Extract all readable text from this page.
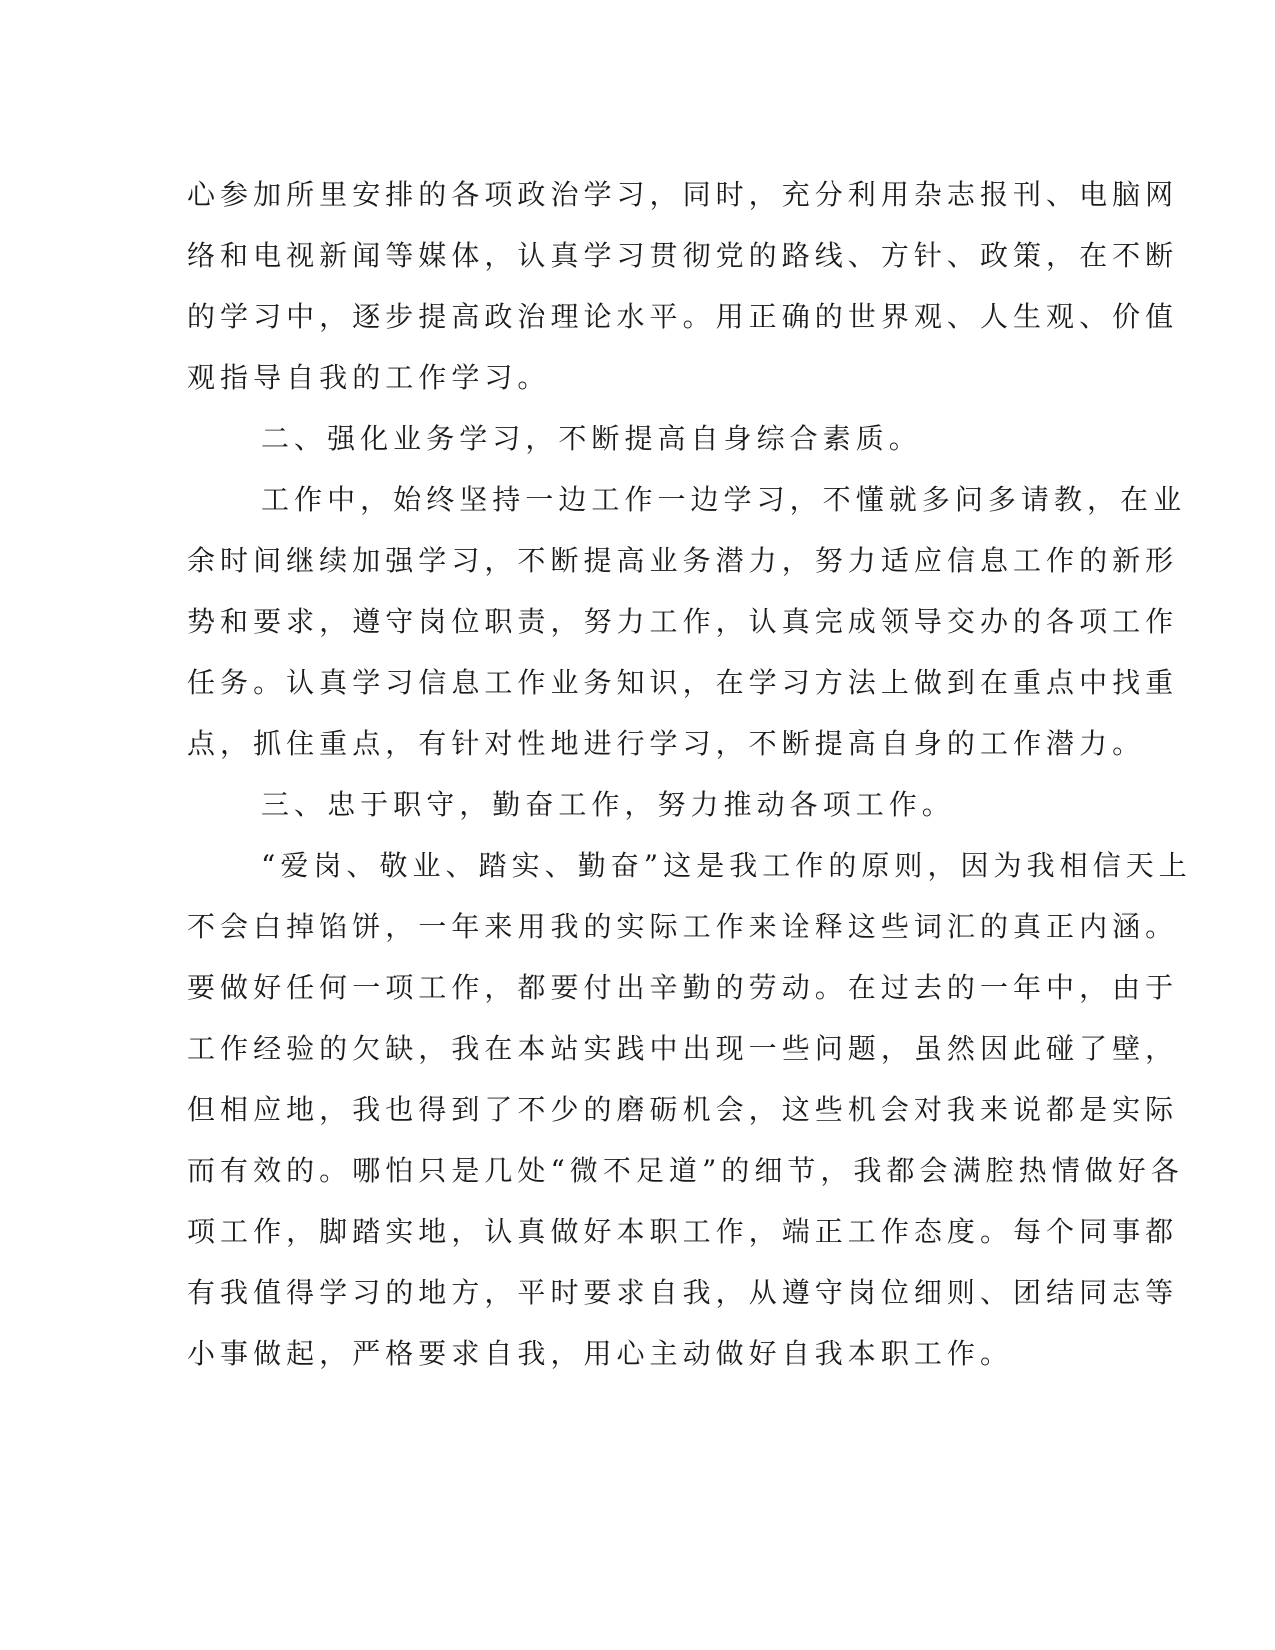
心参加所里安排的各项政治学习，同时，充分利用杂志报刊、电脑网
络和电视新闻等媒体，认真学习贯彻党的路线、方针、政策，在不断
的学习中，逐步提高政治理论水平。用正确的世界观、人生观、价值
观指导自我的工作学习。
二、强化业务学习，不断提高自身综合素质。
工作中，始终坚持一边工作一边学习，不懂就多问多请教，在业
余时间继续加强学习，不断提高业务潜力，努力适应信息工作的新形
势和要求，遵守岗位职责，努力工作，认真完成领导交办的各项工作
任务。认真学习信息工作业务知识，在学习方法上做到在重点中找重
点，抓住重点，有针对性地进行学习，不断提高自身的工作潜力。
三、忠于职守，勤奋工作，努力推动各项工作。
“爱岗、敬业、踏实、勤奋”这是我工作的原则，因为我相信天上
不会白掉馅饼，一年来用我的实际工作来诠释这些词汇的真正内涵。
要做好任何一项工作，都要付出辛勤的劳动。在过去的一年中，由于
工作经验的欠缺，我在本站实践中出现一些问题，虽然因此碰了壁，
但相应地，我也得到了不少的磨砺机会，这些机会对我来说都是实际
而有效的。哪怕只是几处“微不足道”的细节，我都会满腔热情做好各
项工作，脚踏实地，认真做好本职工作，端正工作态度。每个同事都
有我值得学习的地方，平时要求自我，从遵守岗位细则、团结同志等
小事做起，严格要求自我，用心主动做好自我本职工作。
